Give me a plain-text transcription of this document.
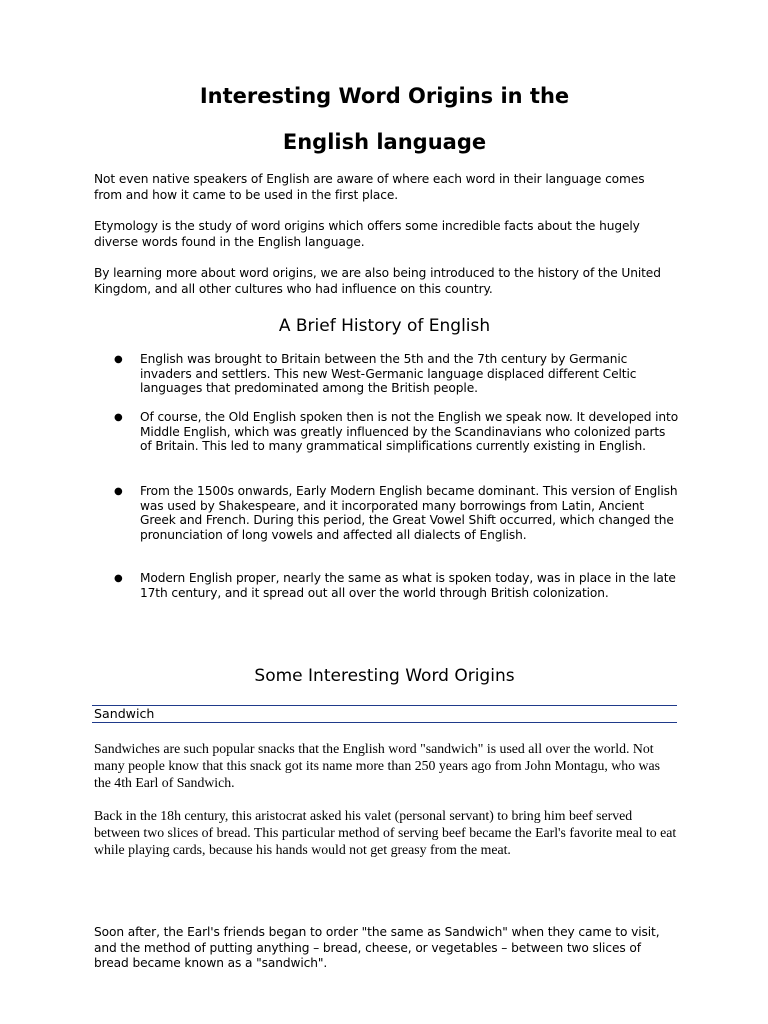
Interesting Word Origins in the
English language

Not even native speakers of English are aware of where each word in their language comes from and how it came to be used in the first place.

Etymology is the study of word origins which offers some incredible facts about the hugely diverse words found in the English language.

By learning more about word origins, we are also being introduced to the history of the United Kingdom, and all other cultures who had influence on this country.

A Brief History of English
● English was brought to Britain between the 5th and the 7th century by Germanic invaders and settlers. This new West-Germanic language displaced different Celtic languages that predominated among the British people.

● Of course, the Old English spoken then is not the English we speak now. It developed into Middle English, which was greatly influenced by the Scandinavians who colonized parts of Britain. This led to many grammatical simplifications currently existing in English.

● From the 1500s onwards, Early Modern English became dominant. This version of English was used by Shakespeare, and it incorporated many borrowings from Latin, Ancient Greek and French. During this period, the Great Vowel Shift occurred, which changed the pronunciation of long vowels and affected all dialects of English.

● Modern English proper, nearly the same as what is spoken today, was in place in the late 17th century, and it spread out all over the world through British colonization.

Some Interesting Word Origins

Sandwich

Sandwiches are such popular snacks that the English word "sandwich" is used all over the world. Not many people know that this snack got its name more than 250 years ago from John Montagu, who was the 4th Earl of Sandwich.

Back in the 18h century, this aristocrat asked his valet (personal servant) to bring him beef served between two slices of bread. This particular method of serving beef became the Earl's favorite meal to eat while playing cards, because his hands would not get greasy from the meat.

Soon after, the Earl's friends began to order "the same as Sandwich" when they came to visit, and the method of putting anything – bread, cheese, or vegetables – between two slices of bread became known as a "sandwich".
